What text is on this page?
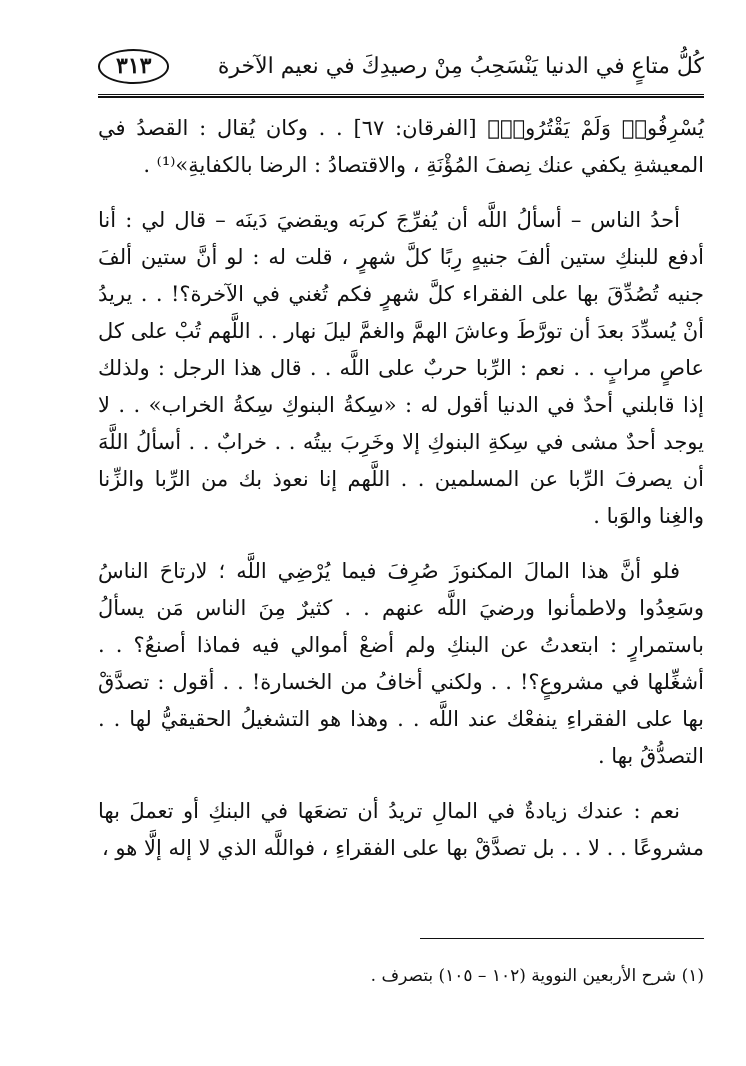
كُلُّ متاعٍ في الدنيا يَنْسَحِبُ مِنْ رصيدِكَ في نعيم الآخرة
٣١٣

يُسْرِفُوا۟ وَلَمْ يَقْتُرُوا۟﴾ [الفرقان: ٦٧] . . وكان يُقال : القصدُ في المعيشةِ يكفي عنك نِصفَ المُؤْنَةِ ، والاقتصادُ : الرضا بالكفايةِ»⁽¹⁾ .

أحدُ الناس – أسألُ اللَّه أن يُفرِّجَ كربَه ويقضيَ دَينَه – قال لي : أنا أدفع للبنكِ ستين ألفَ جنيهٍ رِبًا كلَّ شهرٍ ، قلت له : لو أنَّ ستين ألفَ جنيه تُصُدِّقَ بها على الفقراء كلَّ شهرٍ فكم تُغني في الآخرة؟! . . يريدُ أنْ يُسدِّدَ بعدَ أن تورَّطَ وعاشَ الهمَّ والغمَّ ليلَ نهار . . اللَّهم تُبْ على كل عاصٍ مرابٍ . . نعم : الرِّبا حربٌ على اللَّه . . قال هذا الرجل : ولذلك إذا قابلني أحدٌ في الدنيا أقول له : «سِكةُ البنوكِ سِكةُ الخراب» . . لا يوجد أحدٌ مشى في سِكةِ البنوكِ إلا وخَرِبَ بيتُه . . خرابٌ . . أسألُ اللَّهَ أن يصرفَ الرِّبا عن المسلمين . . اللَّهم إنا نعوذ بك من الرِّبا والزِّنا والغِنا والوَبا .

فلو أنَّ هذا المالَ المكنوزَ صُرِفَ فيما يُرْضِي اللَّه ؛ لارتاحَ الناسُ وسَعِدُوا ولاطمأنوا ورضيَ اللَّه عنهم . . كثيرٌ مِنَ الناس مَن يسألُ باستمرارٍ : ابتعدتُ عن البنكِ ولم أضعْ أموالي فيه فماذا أصنعُ؟ . . أشغِّلها في مشروعٍ؟! . . ولكني أخافُ من الخسارة! . . أقول : تصدَّقْ بها على الفقراءِ ينفعْك عند اللَّه . . وهذا هو التشغيلُ الحقيقيُّ لها . . التصدُّقُ بها .

نعم : عندك زيادةٌ في المالِ تريدُ أن تضعَها في البنكِ أو تعملَ بها مشروعًا . . لا . . بل تصدَّقْ بها على الفقراءِ ، فواللَّه الذي لا إله إلَّا هو ،

(١) شرح الأربعين النووية (١٠٢ – ١٠٥) بتصرف .
